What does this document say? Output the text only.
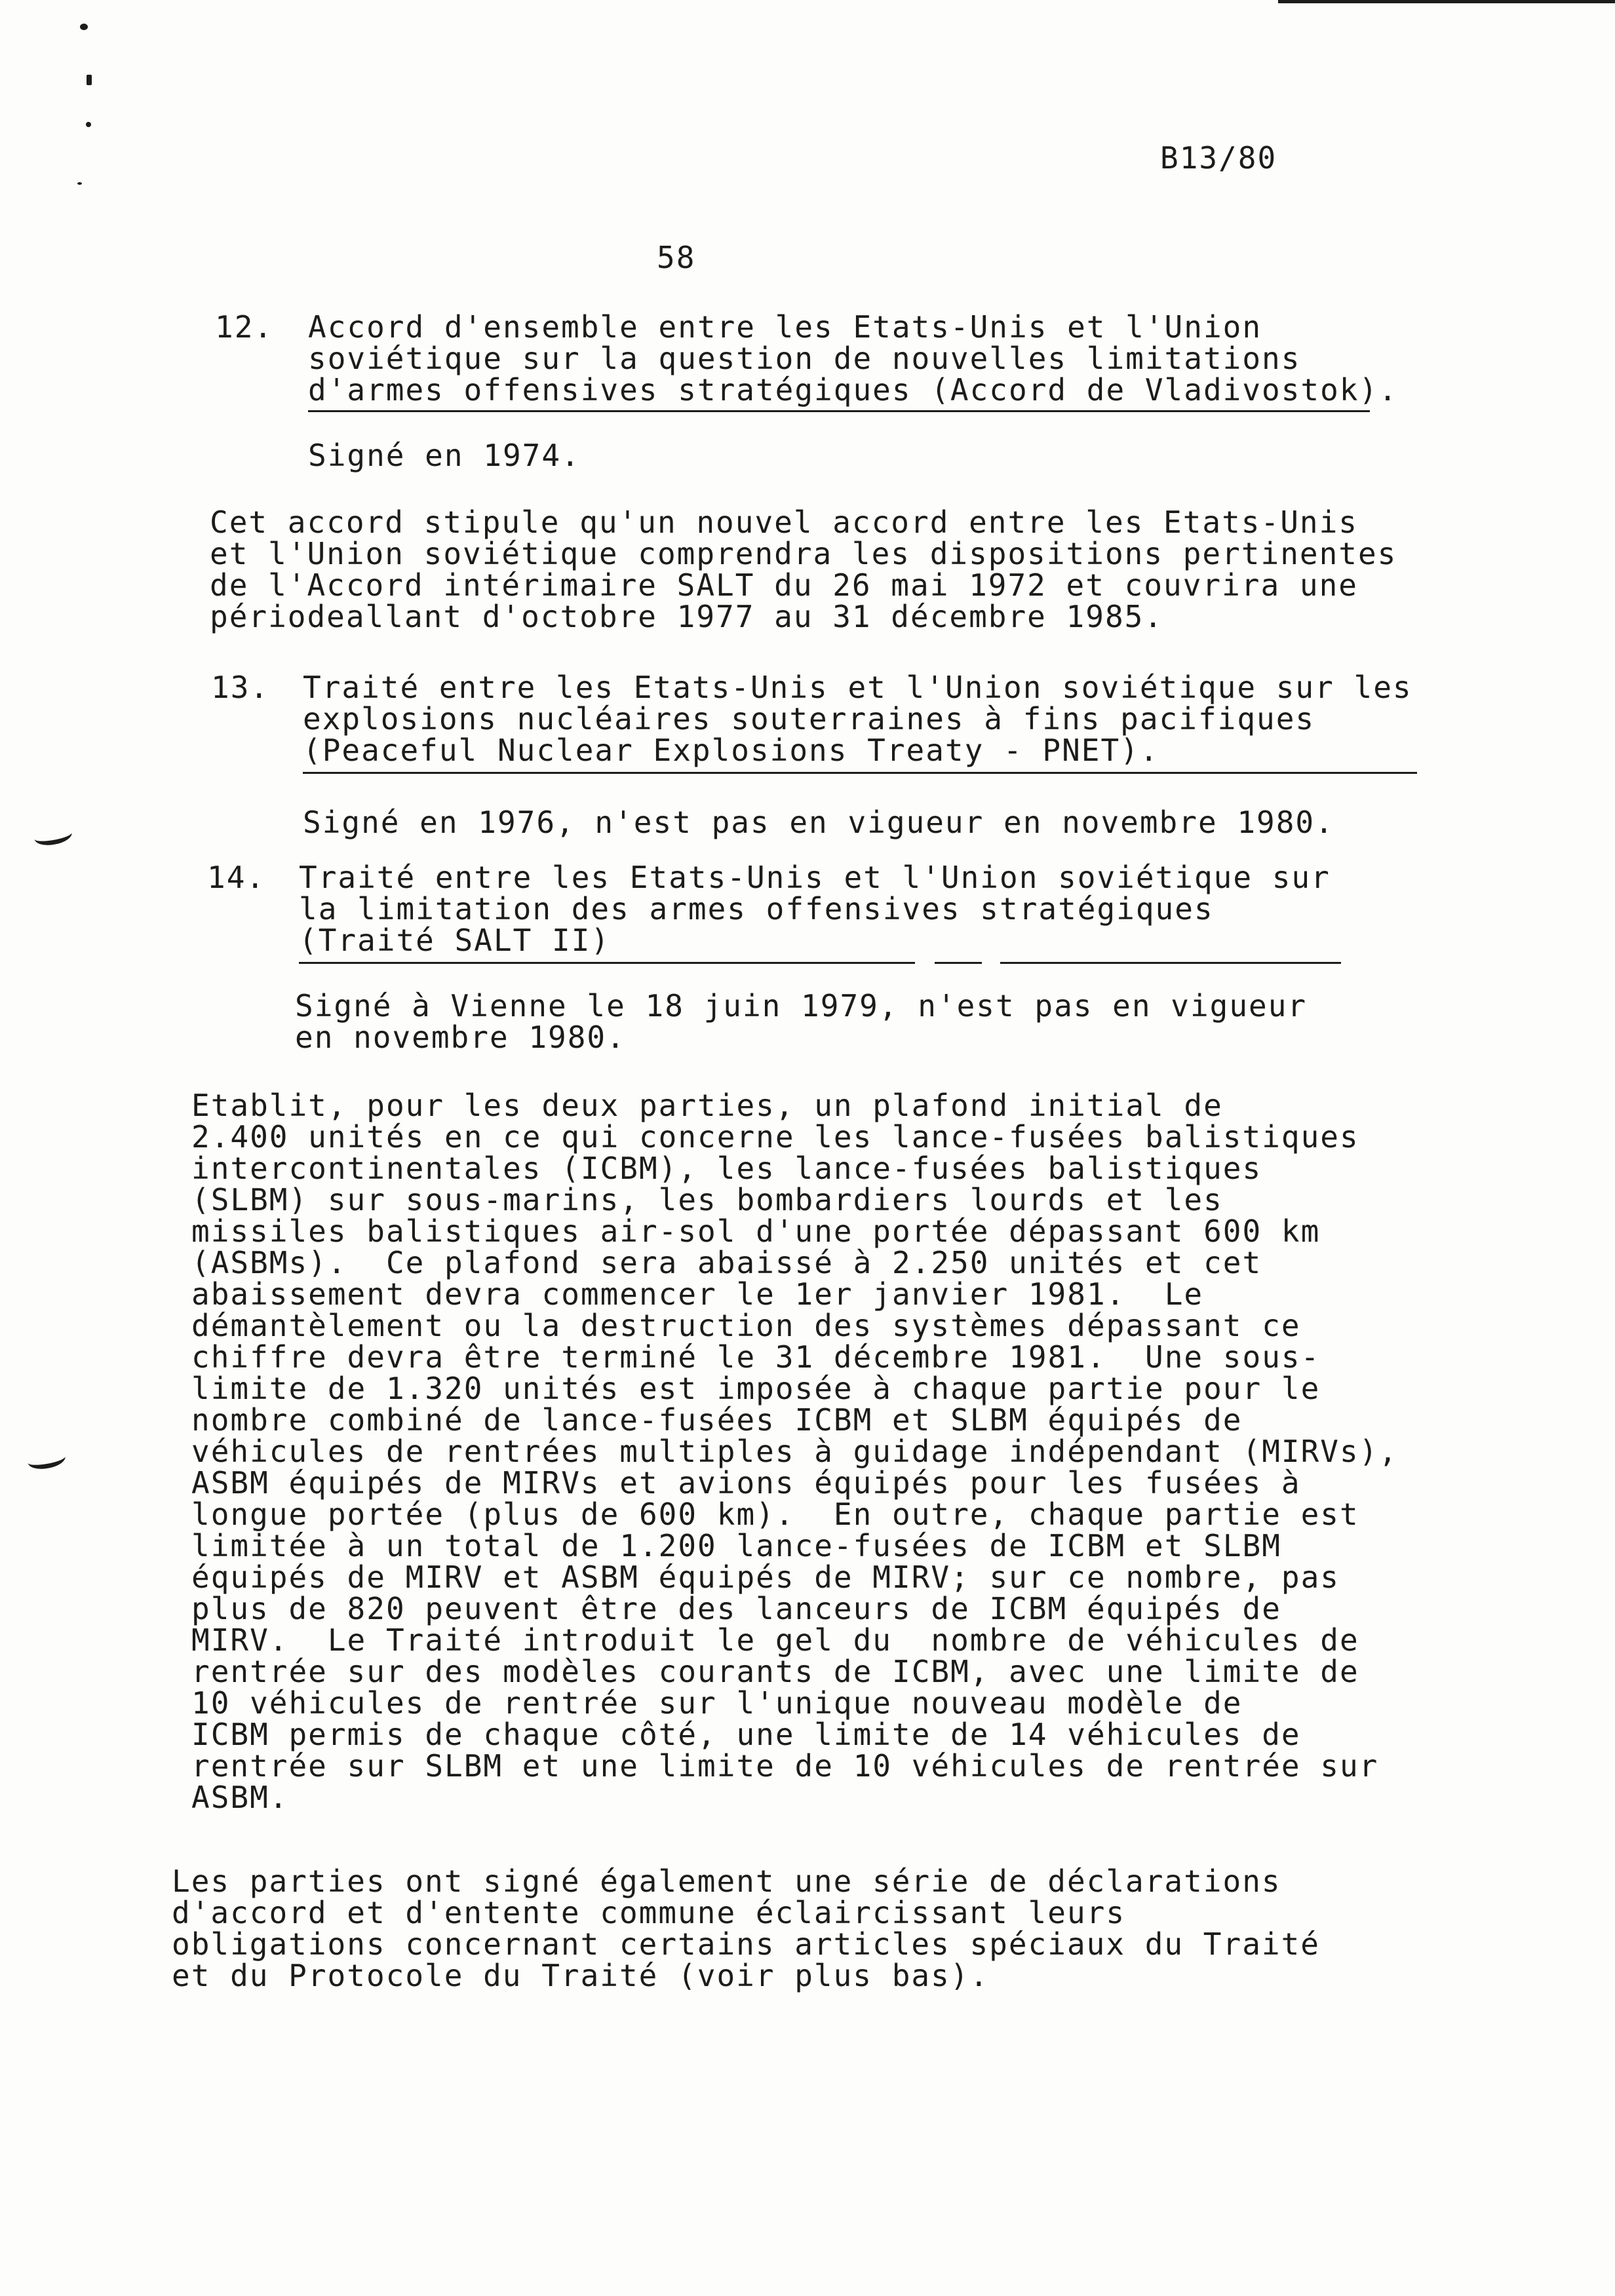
B13/80
58
12. Accord d'ensemble entre les Etats-Unis et l'Union
soviétique sur la question de nouvelles limitations
d'armes offensives stratégiques (Accord de Vladivostok).
Signé en 1974.
Cet accord stipule qu'un nouvel accord entre les Etats-Unis
et l'Union soviétique comprendra les dispositions pertinentes
de l'Accord intérimaire SALT du 26 mai 1972 et couvrira une
périodeallant d'octobre 1977 au 31 décembre 1985.
13. Traité entre les Etats-Unis et l'Union soviétique sur les
explosions nucléaires souterraines à fins pacifiques
(Peaceful Nuclear Explosions Treaty - PNET).
Signé en 1976, n'est pas en vigueur en novembre 1980.
14. Traité entre les Etats-Unis et l'Union soviétique sur
la limitation des armes offensives stratégiques
(Traité SALT II)
Signé à Vienne le 18 juin 1979, n'est pas en vigueur
en novembre 1980.
Etablit, pour les deux parties, un plafond initial de
2.400 unités en ce qui concerne les lance-fusées balistiques
intercontinentales (ICBM), les lance-fusées balistiques
(SLBM) sur sous-marins, les bombardiers lourds et les
missiles balistiques air-sol d'une portée dépassant 600 km
(ASBMs).  Ce plafond sera abaissé à 2.250 unités et cet
abaissement devra commencer le 1er janvier 1981.  Le
démantèlement ou la destruction des systèmes dépassant ce
chiffre devra être terminé le 31 décembre 1981.  Une sous-
limite de 1.320 unités est imposée à chaque partie pour le
nombre combiné de lance-fusées ICBM et SLBM équipés de
véhicules de rentrées multiples à guidage indépendant (MIRVs),
ASBM équipés de MIRVs et avions équipés pour les fusées à
longue portée (plus de 600 km).  En outre, chaque partie est
limitée à un total de 1.200 lance-fusées de ICBM et SLBM
équipés de MIRV et ASBM équipés de MIRV; sur ce nombre, pas
plus de 820 peuvent être des lanceurs de ICBM équipés de
MIRV.  Le Traité introduit le gel du  nombre de véhicules de
rentrée sur des modèles courants de ICBM, avec une limite de
10 véhicules de rentrée sur l'unique nouveau modèle de
ICBM permis de chaque côté, une limite de 14 véhicules de
rentrée sur SLBM et une limite de 10 véhicules de rentrée sur
ASBM.
Les parties ont signé également une série de déclarations
d'accord et d'entente commune éclaircissant leurs
obligations concernant certains articles spéciaux du Traité
et du Protocole du Traité (voir plus bas).
